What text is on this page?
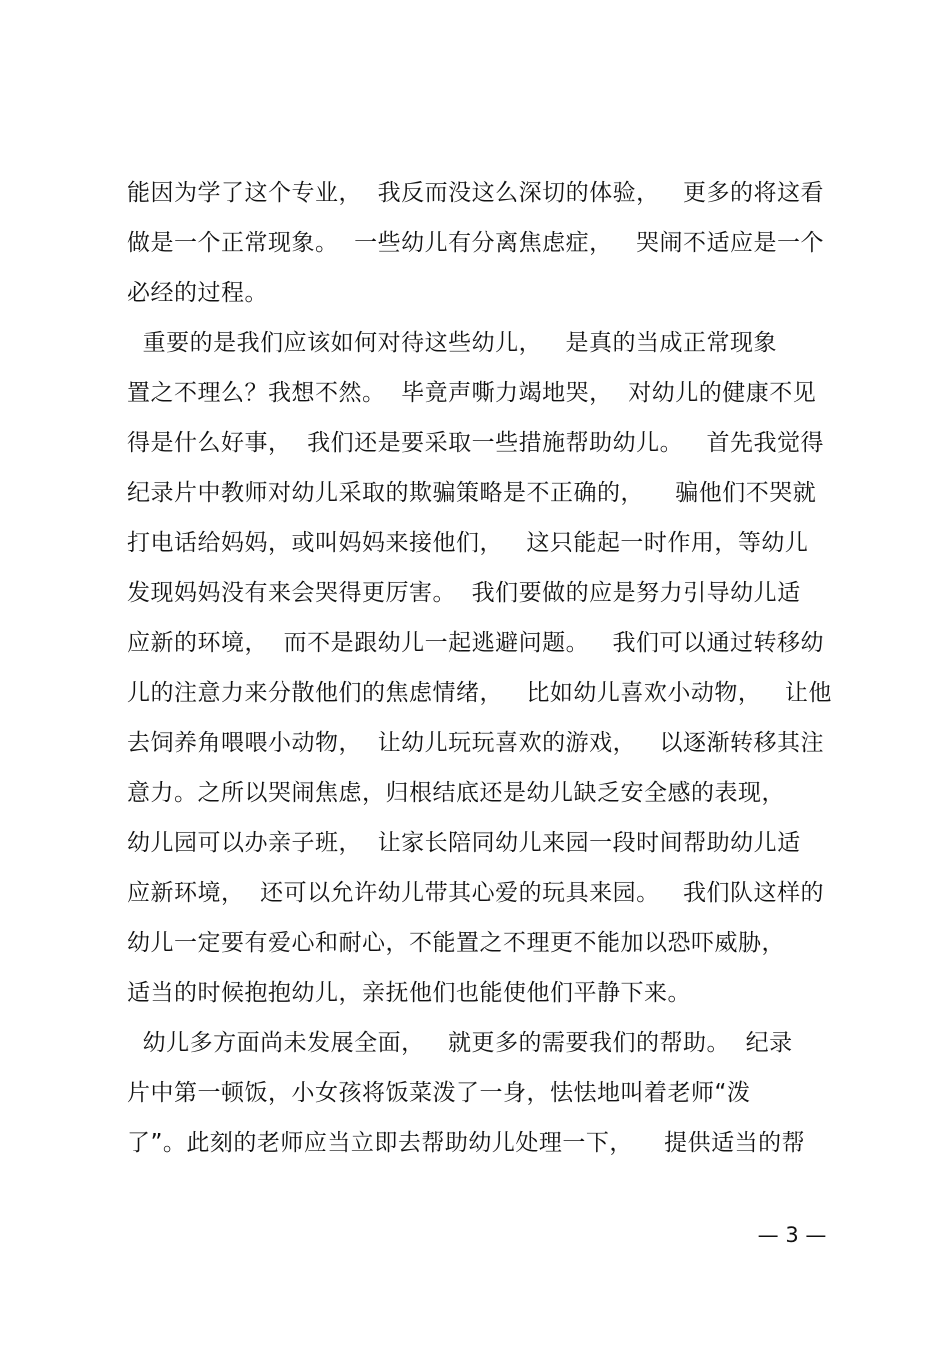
能因为学了这个专业，  我反而没这么深切的体验，   更多的将这看
做是一个正常现象。  一些幼儿有分离焦虑症，   哭闹不适应是一个
必经的过程。
重要的是我们应该如何对待这些幼儿，   是真的当成正常现象
置之不理么？我想不然。  毕竟声嘶力竭地哭，  对幼儿的健康不见
得是什么好事，  我们还是要采取一些措施帮助幼儿。   首先我觉得
纪录片中教师对幼儿采取的欺骗策略是不正确的，    骗他们不哭就
打电话给妈妈，或叫妈妈来接他们，   这只能起一时作用，等幼儿
发现妈妈没有来会哭得更厉害。  我们要做的应是努力引导幼儿适
应新的环境，  而不是跟幼儿一起逃避问题。   我们可以通过转移幼
儿的注意力来分散他们的焦虑情绪，   比如幼儿喜欢小动物，   让他
去饲养角喂喂小动物，  让幼儿玩玩喜欢的游戏，   以逐渐转移其注
意力。之所以哭闹焦虑，归根结底还是幼儿缺乏安全感的表现，
幼儿园可以办亲子班，  让家长陪同幼儿来园一段时间帮助幼儿适
应新环境，  还可以允许幼儿带其心爱的玩具来园。   我们队这样的
幼儿一定要有爱心和耐心，不能置之不理更不能加以恐吓威胁，
适当的时候抱抱幼儿，亲抚他们也能使他们平静下来。
幼儿多方面尚未发展全面，   就更多的需要我们的帮助。  纪录
片中第一顿饭，小女孩将饭菜泼了一身，怯怯地叫着老师“泼
了”。此刻的老师应当立即去帮助幼儿处理一下，    提供适当的帮
— 3 —
